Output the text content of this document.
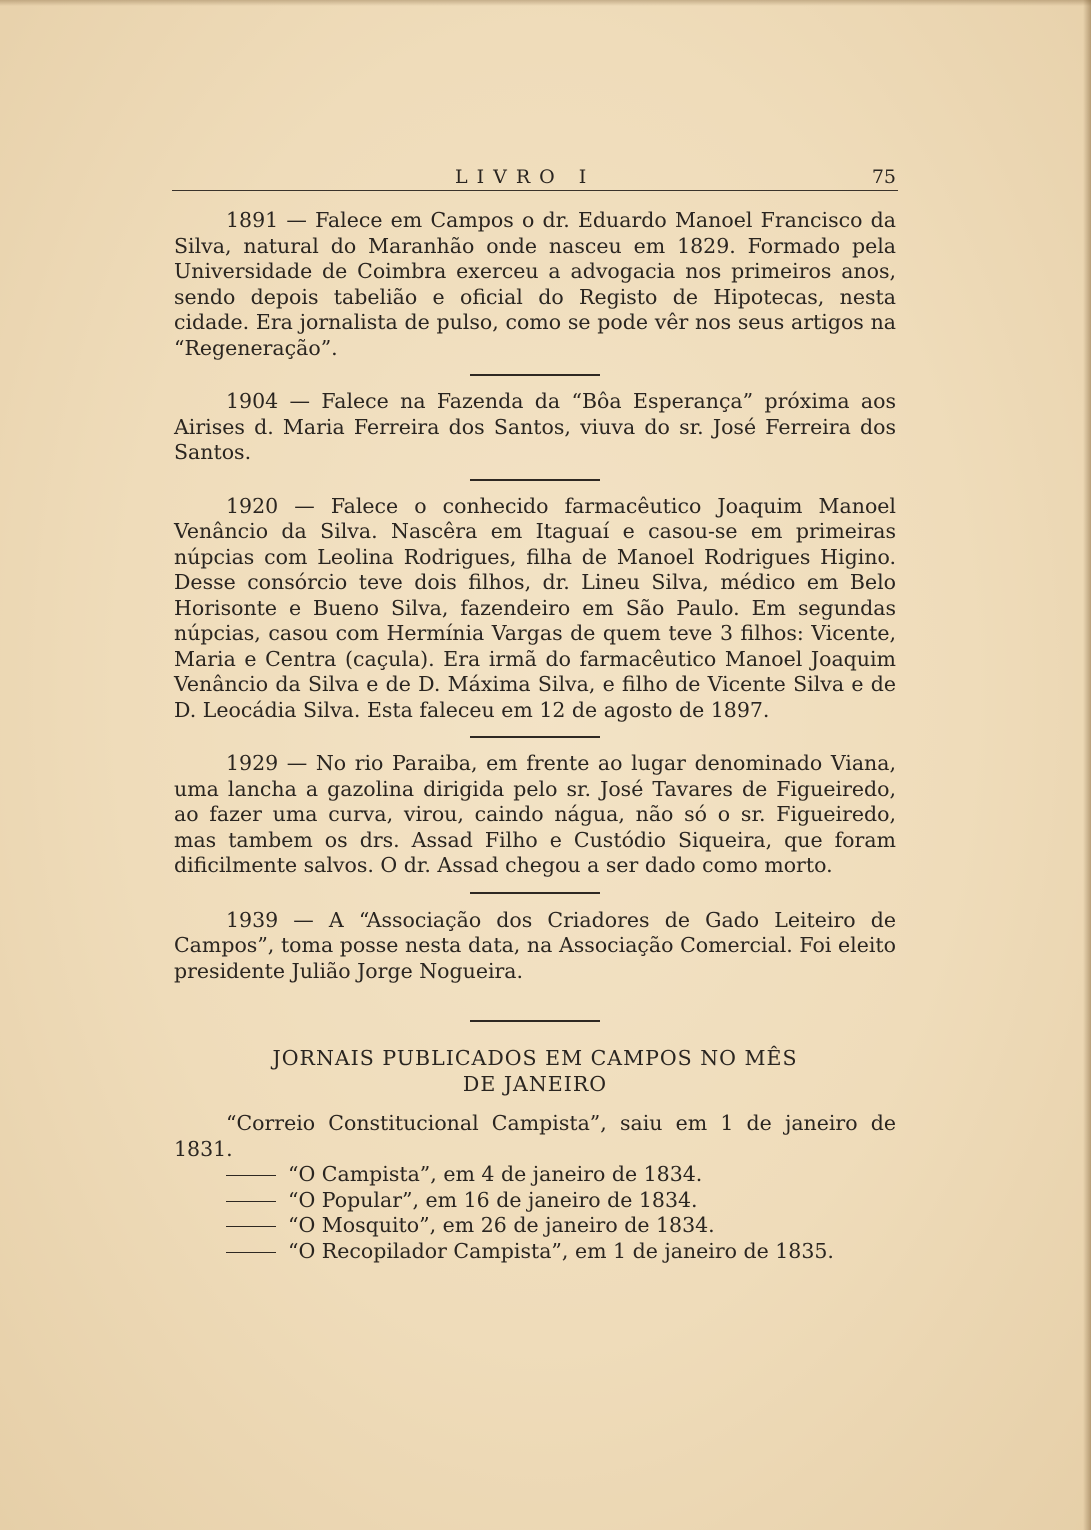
LIVRO I	75

1891 — Falece em Campos o dr. Eduardo Manoel Francisco da Silva, natural do Maranhão onde nasceu em 1829. Formado pela Universidade de Coimbra exerceu a advogacia nos primeiros anos, sendo depois tabelião e oficial do Registo de Hipotecas, nesta cidade. Era jornalista de pulso, como se pode vêr nos seus artigos na “Regeneração”.

1904 — Falece na Fazenda da “Bôa Esperança” próxima aos Airises d. Maria Ferreira dos Santos, viuva do sr. José Ferreira dos Santos.

1920 — Falece o conhecido farmacêutico Joaquim Manoel Venâncio da Silva. Nascêra em Itaguaí e casou-se em primeiras núpcias com Leolina Rodrigues, filha de Manoel Rodrigues Higino. Desse consórcio teve dois filhos, dr. Lineu Silva, médico em Belo Horisonte e Bueno Silva, fazendeiro em São Paulo. Em segundas núpcias, casou com Hermínia Vargas de quem teve 3 filhos: Vicente, Maria e Centra (caçula). Era irmã do farmacêutico Manoel Joaquim Venâncio da Silva e de D. Máxima Silva, e filho de Vicente Silva e de D. Leocádia Silva. Esta faleceu em 12 de agosto de 1897.

1929 — No rio Paraiba, em frente ao lugar denominado Viana, uma lancha a gazolina dirigida pelo sr. José Tavares de Figueiredo, ao fazer uma curva, virou, caindo nágua, não só o sr. Figueiredo, mas tambem os drs. Assad Filho e Custódio Siqueira, que foram dificilmente salvos. O dr. Assad chegou a ser dado como morto.

1939 — A “Associação dos Criadores de Gado Leiteiro de Campos”, toma posse nesta data, na Associação Comercial. Foi eleito presidente Julião Jorge Nogueira.

JORNAIS PUBLICADOS EM CAMPOS NO MÊS
DE JANEIRO

“Correio Constitucional Campista”, saiu em 1 de janeiro de 1831.

“O Campista”, em 4 de janeiro de 1834.

“O Popular”, em 16 de janeiro de 1834.

“O Mosquito”, em 26 de janeiro de 1834.

“O Recopilador Campista”, em 1 de janeiro de 1835.
